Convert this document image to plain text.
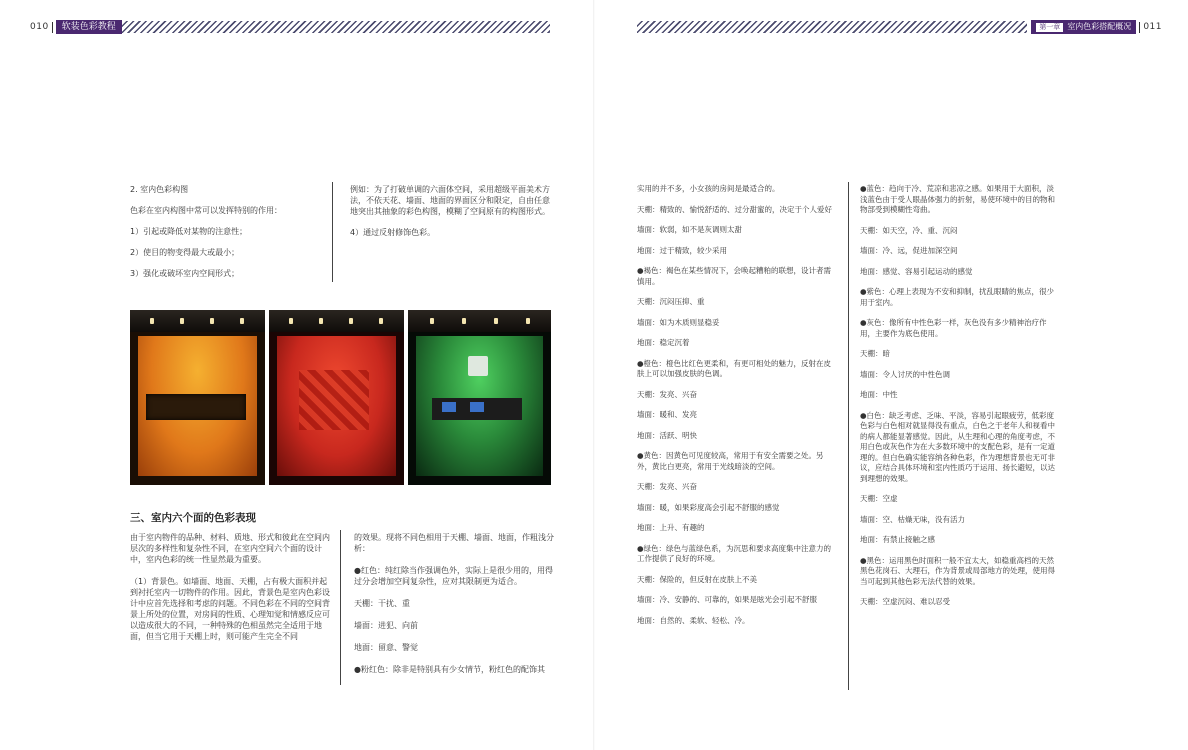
010	软装色彩教程	第一章 室内色彩搭配概况 011

2. 室内色彩构图

色彩在室内构图中常可以发挥特别的作用：

1）引起或降低对某物的注意性；

2）使目的物变得最大或最小；

3）强化或破坏室内空间形式；

例如：为了打破单调的六面体空间，采用超级平面美术方法，不依天花、墙面、地面的界面区分和限定，自由任意地突出其抽象的彩色构图，模糊了空间原有的构图形式。

4）通过反射修饰色彩。

三、室内六个面的色彩表现

由于室内物件的品种、材料、质地、形式和彼此在空间内层次的多样性和复杂性不同，在室内空间六个面的设计中，室内色彩的统一性显然最为重要。

（1）背景色。如墙面、地面、天棚，占有极大面积并起到衬托室内一切物件的作用。因此，背景色是室内色彩设计中应首先选择和考虑的问题。不同色彩在不同的空间背景上所处的位置，对房间的性质、心理知觉和情感反应可以造成很大的不同，一种特殊的色相虽然完全适用于地面，但当它用于天棚上时，则可能产生完全不同

的效果。现将不同色相用于天棚、墙面、地面，作粗浅分析：

●红色：纯红除当作强调色外，实际上是很少用的，用得过分会增加空间复杂性，应对其限制更为适合。

天棚：干扰、重

墙面：进犯、向前

地面：留意、警觉

●粉红色：除非是特别具有少女情节，粉红色的配饰其

实用的并不多，小女孩的房间是最适合的。

天棚：精致的、愉悦舒适的、过分甜蜜的，决定于个人爱好

墙面：软弱，如不是灰调则太甜

地面：过于精致，较少采用

●褐色：褐色在某些情况下，会唤起糟粕的联想，设计者需慎用。

天棚：沉闷压抑、重

墙面：如为木质则显稳妥

地面：稳定沉着

●橙色：橙色比红色更柔和，有更可相处的魅力，反射在皮肤上可以加强皮肤的色调。

天棚：发亮、兴奋

墙面：暖和、发亮

地面：活跃、明快

●黄色：因黄色可见度较高，常用于有安全需要之处。另外，黄比白更亮，常用于光线暗淡的空间。

天棚：发亮、兴奋

墙面：暖，如果彩度高会引起不舒服的感觉

地面：上升、有趣的

●绿色：绿色与蓝绿色系，为沉思和要求高度集中注意力的工作提供了良好的环境。

天棚：保险的，但反射在皮肤上不美

墙面：冷、安静的、可靠的，如果是眩光会引起不舒服

地面：自然的、柔软、轻松、冷。

●蓝色：趋向于冷、荒凉和悲凉之感。如果用于大面积，淡浅蓝色由于受人眼晶体强力的折射，易使环境中的目的物和物部受到模糊性弯曲。

天棚：如天空，冷、重、沉闷

墙面：冷、远，促进加深空间

地面：感觉、容易引起运动的感觉

●紫色：心理上表现为不安和抑制，扰乱眼睛的焦点，很少用于室内。

●灰色：像所有中性色彩一样，灰色没有多少精神治疗作用，主要作为底色使用。

天棚：暗

墙面：令人讨厌的中性色调

地面：中性

●白色：缺乏考虑、乏味、平淡，容易引起眼疲劳，低彩度色彩与白色相对就显得没有重点，白色之于老年人和视看中的病人都能显著感觉。因此，从生理和心理的角度考虑，不用白色或灰色作为在大多数环境中的支配色彩，是有一定道理的。但白色确实能容纳各种色彩，作为理想背景也无可非议，应结合具体环境和室内性质巧于运用、扬长避短，以达到理想的效果。

天棚：空虚

墙面：空、枯燥无味，没有活力

地面：有禁止接触之感

●黑色：运用黑色时面积一般不宜太大，如稳重高档的天然黑色花岗石、大理石，作为背景或局部地方的处理，使用得当可起到其他色彩无法代替的效果。

天棚：空虚沉闷、难以忍受
